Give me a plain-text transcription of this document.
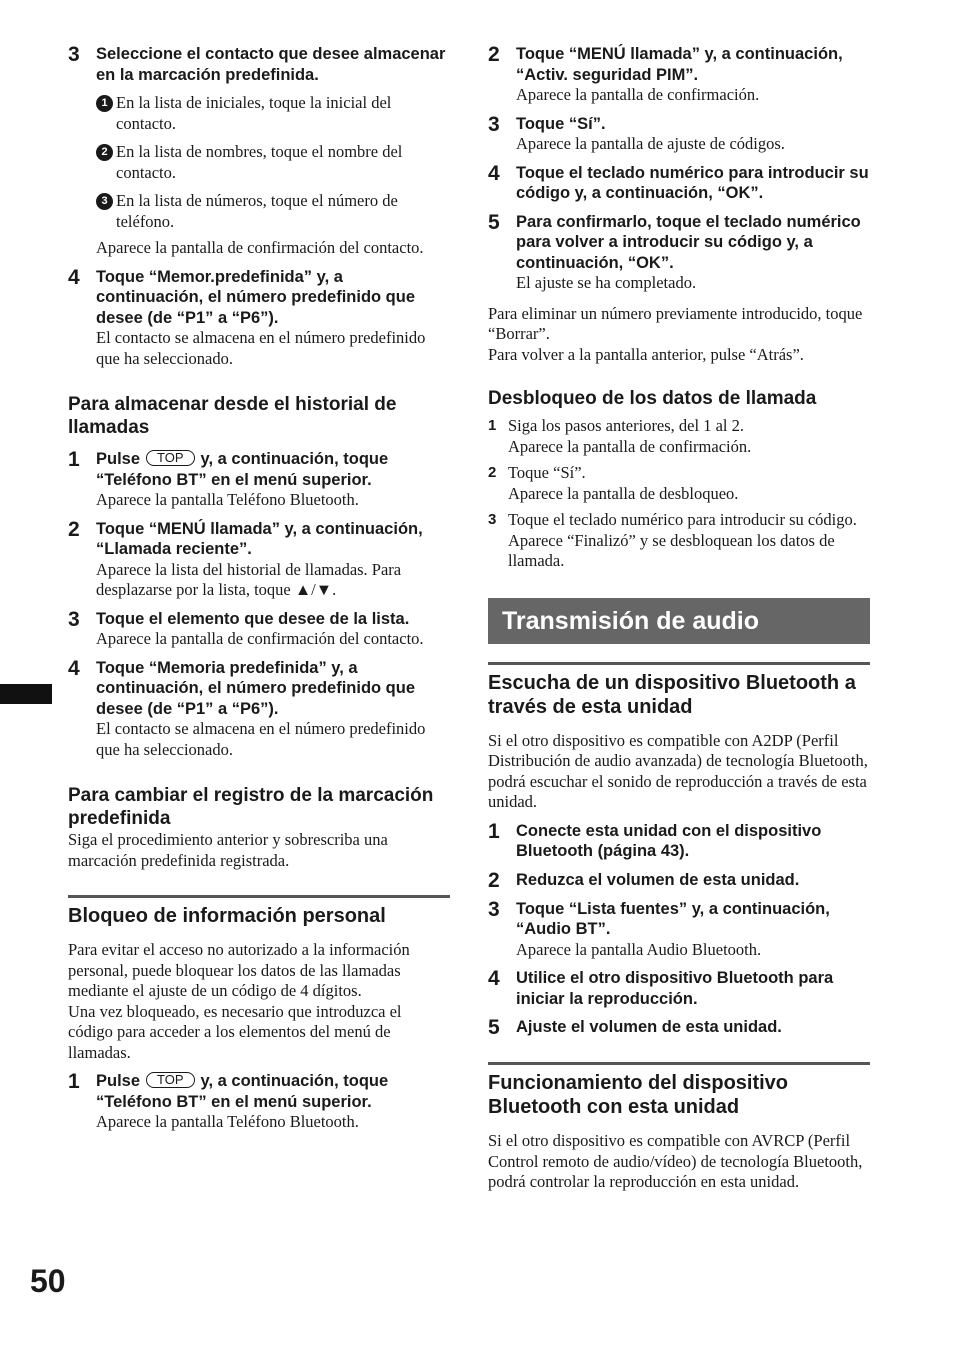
50
3 Seleccione el contacto que desee almacenar en la marcación predefinida.
1 En la lista de iniciales, toque la inicial del contacto.
2 En la lista de nombres, toque el nombre del contacto.
3 En la lista de números, toque el número de teléfono.
Aparece la pantalla de confirmación del contacto.
4 Toque “Memor.predefinida” y, a continuación, el número predefinido que desee (de “P1” a “P6”).
El contacto se almacena en el número predefinido que ha seleccionado.
Para almacenar desde el historial de llamadas
1 Pulse TOP y, a continuación, toque “Teléfono BT” en el menú superior.
Aparece la pantalla Teléfono Bluetooth.
2 Toque “MENÚ llamada” y, a continuación, “Llamada reciente”.
Aparece la lista del historial de llamadas. Para desplazarse por la lista, toque ▲/▼.
3 Toque el elemento que desee de la lista.
Aparece la pantalla de confirmación del contacto.
4 Toque “Memoria predefinida” y, a continuación, el número predefinido que desee (de “P1” a “P6”).
El contacto se almacena en el número predefinido que ha seleccionado.
Para cambiar el registro de la marcación predefinida
Siga el procedimiento anterior y sobrescriba una marcación predefinida registrada.
Bloqueo de información personal
Para evitar el acceso no autorizado a la información personal, puede bloquear los datos de las llamadas mediante el ajuste de un código de 4 dígitos.
Una vez bloqueado, es necesario que introduzca el código para acceder a los elementos del menú de llamadas.
1 Pulse TOP y, a continuación, toque “Teléfono BT” en el menú superior.
Aparece la pantalla Teléfono Bluetooth.
2 Toque “MENÚ llamada” y, a continuación, “Activ. seguridad PIM”.
Aparece la pantalla de confirmación.
3 Toque “Sí”.
Aparece la pantalla de ajuste de códigos.
4 Toque el teclado numérico para introducir su código y, a continuación, “OK”.
5 Para confirmarlo, toque el teclado numérico para volver a introducir su código y, a continuación, “OK”.
El ajuste se ha completado.
Para eliminar un número previamente introducido, toque “Borrar”.
Para volver a la pantalla anterior, pulse “Atrás”.
Desbloqueo de los datos de llamada
1 Siga los pasos anteriores, del 1 al 2.
Aparece la pantalla de confirmación.
2 Toque “Sí”.
Aparece la pantalla de desbloqueo.
3 Toque el teclado numérico para introducir su código.
Aparece “Finalizó” y se desbloquean los datos de llamada.
Transmisión de audio
Escucha de un dispositivo Bluetooth a través de esta unidad
Si el otro dispositivo es compatible con A2DP (Perfil Distribución de audio avanzada) de tecnología Bluetooth, podrá escuchar el sonido de reproducción a través de esta unidad.
1 Conecte esta unidad con el dispositivo Bluetooth (página 43).
2 Reduzca el volumen de esta unidad.
3 Toque “Lista fuentes” y, a continuación, “Audio BT”.
Aparece la pantalla Audio Bluetooth.
4 Utilice el otro dispositivo Bluetooth para iniciar la reproducción.
5 Ajuste el volumen de esta unidad.
Funcionamiento del dispositivo Bluetooth con esta unidad
Si el otro dispositivo es compatible con AVRCP (Perfil Control remoto de audio/vídeo) de tecnología Bluetooth, podrá controlar la reproducción en esta unidad.
